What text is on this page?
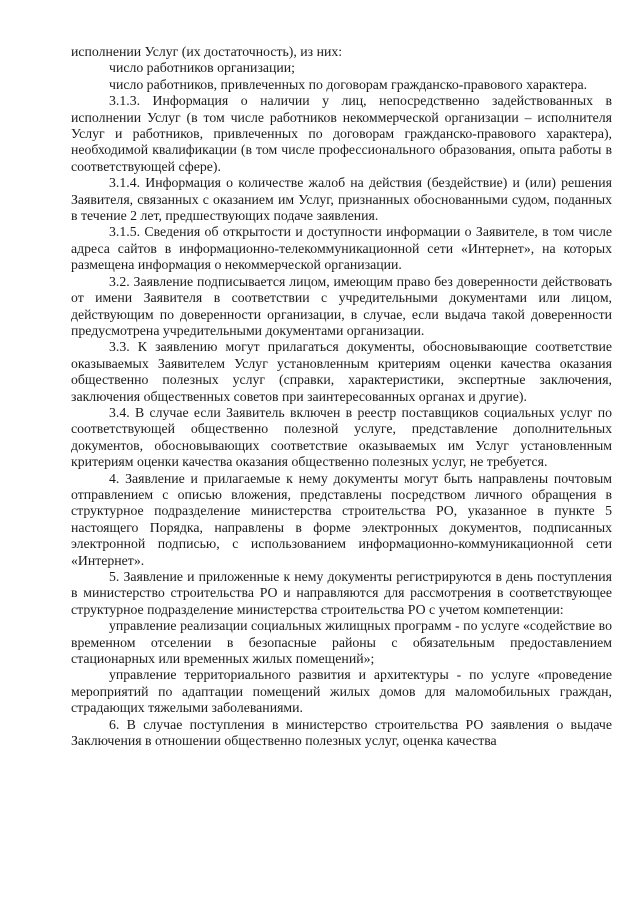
исполнении Услуг (их достаточность), из них:

число работников организации;

число работников, привлеченных по договорам гражданско-правового характера.

3.1.3. Информация о наличии у лиц, непосредственно задействованных в исполнении Услуг (в том числе работников некоммерческой организации – исполнителя Услуг и работников, привлеченных по договорам гражданско-правового характера), необходимой квалификации (в том числе профессионального образования, опыта работы в соответствующей сфере).

3.1.4. Информация о количестве жалоб на действия (бездействие) и (или) решения Заявителя, связанных с оказанием им Услуг, признанных обоснованными судом, поданных в течение 2 лет, предшествующих подаче заявления.

3.1.5. Сведения об открытости и доступности информации о Заявителе, в том числе адреса сайтов в информационно-телекоммуникационной сети «Интернет», на которых размещена информация о некоммерческой организации.

3.2. Заявление подписывается лицом, имеющим право без доверенности действовать от имени Заявителя в соответствии с учредительными документами или лицом, действующим по доверенности организации, в случае, если выдача такой доверенности предусмотрена учредительными документами организации.

3.3. К заявлению могут прилагаться документы, обосновывающие соответствие оказываемых Заявителем Услуг установленным критериям оценки качества оказания общественно полезных услуг (справки, характеристики, экспертные заключения, заключения общественных советов при заинтересованных органах и другие).

3.4. В случае если Заявитель включен в реестр поставщиков социальных услуг по соответствующей общественно полезной услуге, представление дополнительных документов, обосновывающих соответствие оказываемых им Услуг установленным критериям оценки качества оказания общественно полезных услуг, не требуется.

4. Заявление и прилагаемые к нему документы могут быть направлены почтовым отправлением с описью вложения, представлены посредством личного обращения в структурное подразделение министерства строительства РО, указанное в пункте 5 настоящего Порядка, направлены в форме электронных документов, подписанных электронной подписью, с использованием информационно-коммуникационной сети «Интернет».

5. Заявление и приложенные к нему документы регистрируются в день поступления в министерство строительства РО и направляются для рассмотрения в соответствующее структурное подразделение министерства строительства РО с учетом компетенции:

управление реализации социальных жилищных программ - по услуге «содействие во временном отселении в безопасные районы с обязательным предоставлением стационарных или временных жилых помещений»;

управление территориального развития и архитектуры - по услуге «проведение мероприятий по адаптации помещений жилых домов для маломобильных граждан, страдающих тяжелыми заболеваниями.

6. В случае поступления в министерство строительства РО заявления о выдаче Заключения в отношении общественно полезных услуг, оценка качества
